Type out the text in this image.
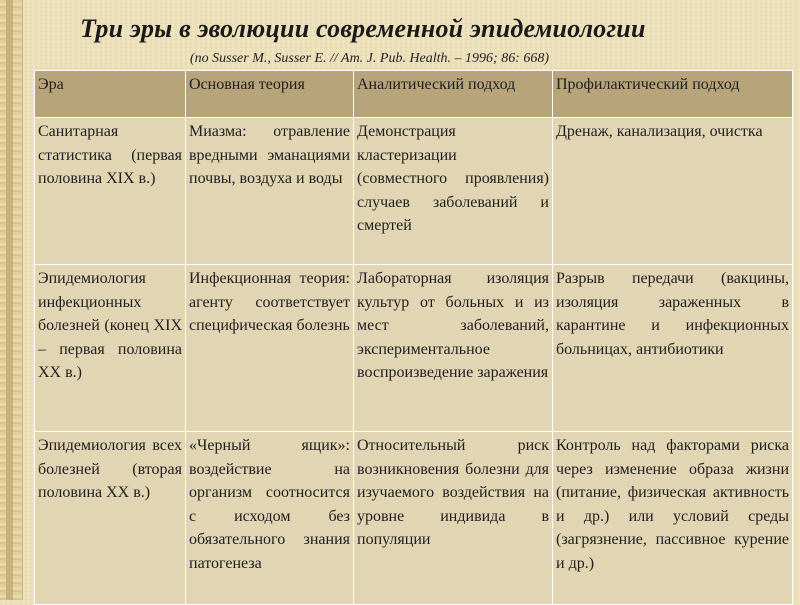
Три эры в эволюции современной эпидемиологии
(по Susser M., Susser E. // Am. J. Pub. Health. – 1996; 86: 668)
Эра	Основная теория	Аналитический подход	Профилактический подход
Санитарная статистика (первая половина XIX в.)	Миазма: отравление вредными эманациями почвы, воздуха и воды	Демонстрация кластеризации (совместного проявления) случаев заболеваний и смертей	Дренаж, канализация, очистка
Эпидемиология инфекционных болезней (конец XIX – первая половина XX в.)	Инфекционная теория: агенту соответствует специфическая болезнь	Лабораторная изоляция культур от больных и из мест заболеваний, экспериментальное воспроизведение заражения	Разрыв передачи (вакцины, изоляция зараженных в карантине и инфекционных больницах, антибиотики
Эпидемиология всех болезней (вторая половина XX в.)	«Черный ящик»: воздействие на организм соотносится с исходом без обязательного знания патогенеза	Относительный риск возникновения болезни для изучаемого воздействия на уровне индивида в популяции	Контроль над факторами риска через изменение образа жизни (питание, физическая активность и др.) или условий среды (загрязнение, пассивное курение и др.)
